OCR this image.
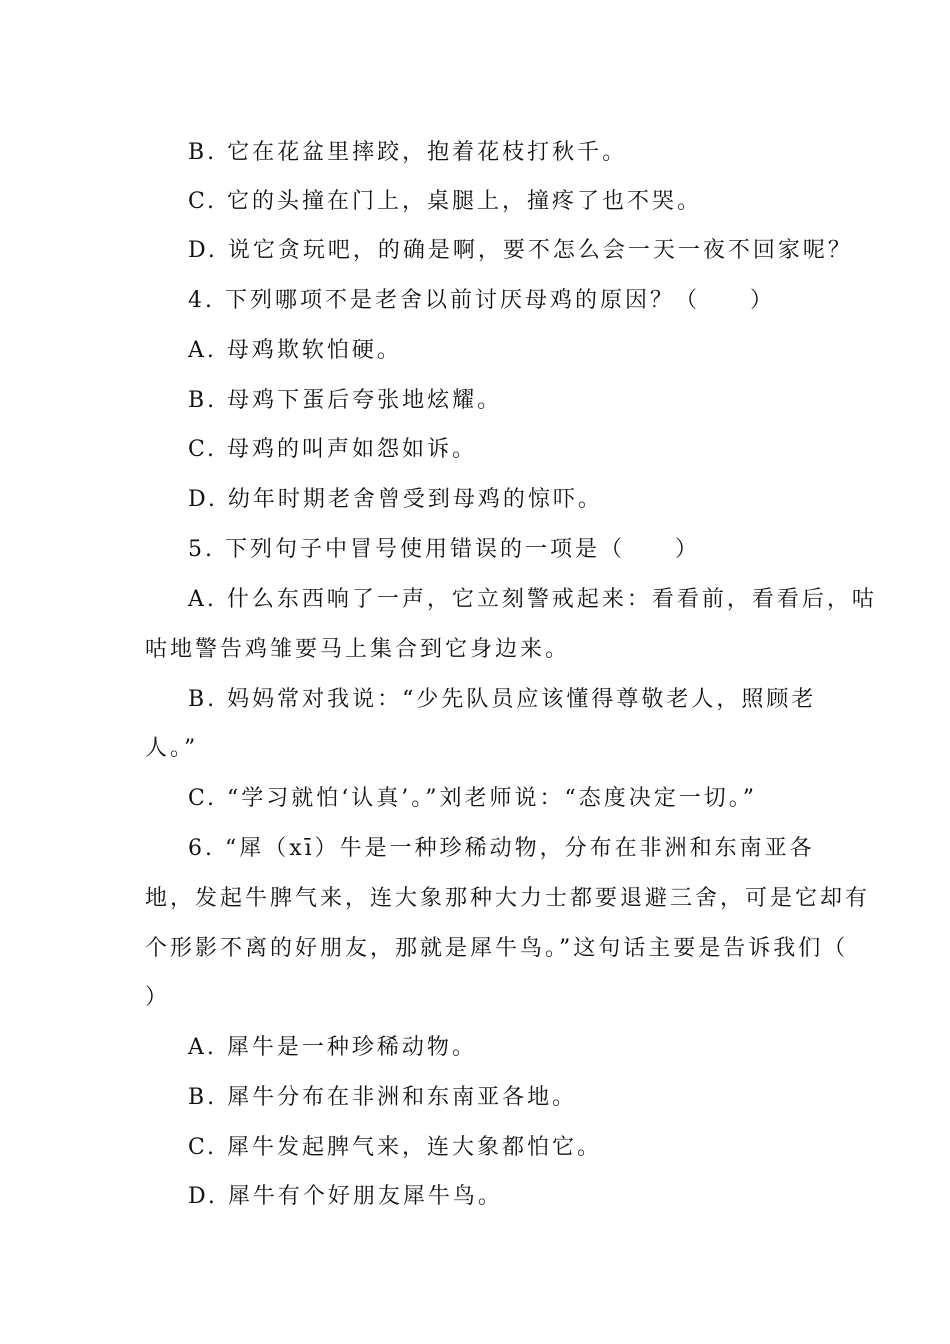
B. 它在花盆里摔跤，抱着花枝打秋千。
C. 它的头撞在门上，桌腿上，撞疼了也不哭。
D. 说它贪玩吧，的确是啊，要不怎么会一天一夜不回家呢？
4. 下列哪项不是老舍以前讨厌母鸡的原因？（　　）
A. 母鸡欺软怕硬。
B. 母鸡下蛋后夸张地炫耀。
C. 母鸡的叫声如怨如诉。
D. 幼年时期老舍曾受到母鸡的惊吓。
5. 下列句子中冒号使用错误的一项是（　　）
A. 什么东西响了一声，它立刻警戒起来：看看前，看看后，咕
咕地警告鸡雏要马上集合到它身边来。
B. 妈妈常对我说：“少先队员应该懂得尊敬老人，照顾老
人。”
C. “学习就怕‘认真’。”刘老师说：“态度决定一切。”
6. “犀（xī）牛是一种珍稀动物，分布在非洲和东南亚各
地，发起牛脾气来，连大象那种大力士都要退避三舍，可是它却有
个形影不离的好朋友，那就是犀牛鸟。”这句话主要是告诉我们（
）
A. 犀牛是一种珍稀动物。
B. 犀牛分布在非洲和东南亚各地。
C. 犀牛发起脾气来，连大象都怕它。
D. 犀牛有个好朋友犀牛鸟。
